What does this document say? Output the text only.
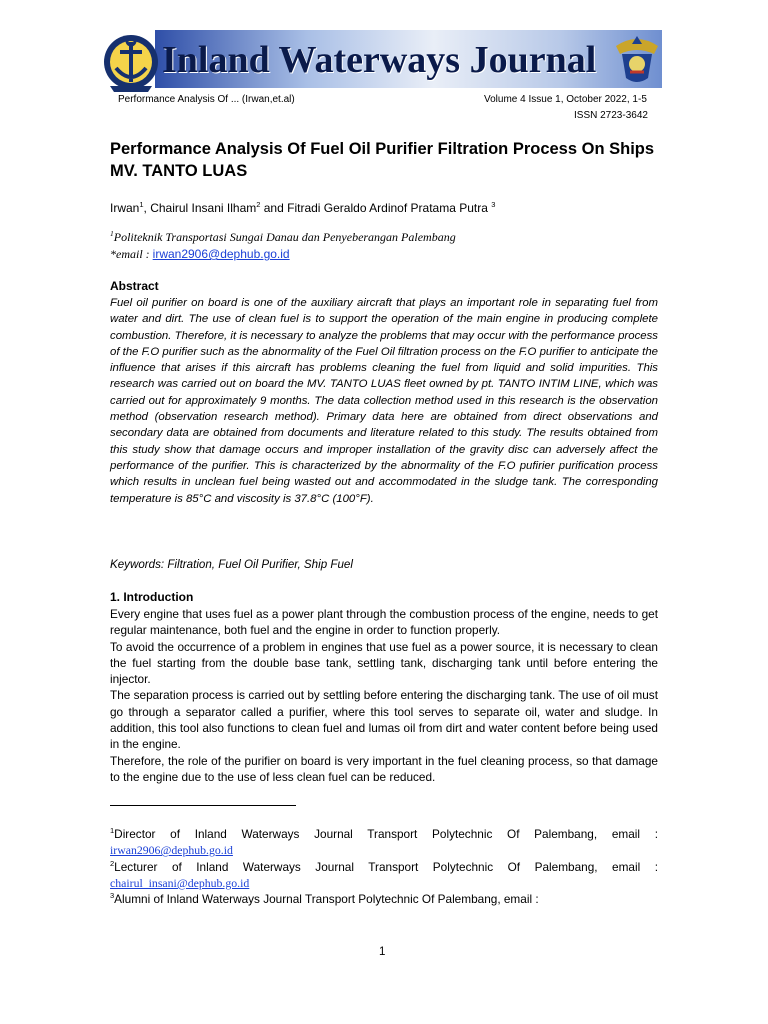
Inland Waterways Journal
Performance Analysis Of ... (Irwan,et.al)	Volume 4 Issue 1, October 2022, 1-5
ISSN 2723-3642
Performance Analysis Of Fuel Oil Purifier Filtration Process On Ships MV. TANTO LUAS
Irwan$^1$, Chairul Insani Ilham$^2$ and Fitradi Geraldo Ardinof Pratama Putra $^3$
$^1$Politeknik Transportasi Sungai Danau dan Penyeberangan Palembang
*email : irwan2906@dephub.go.id
Abstract
Fuel oil purifier on board is one of the auxiliary aircraft that plays an important role in separating fuel from water and dirt. The use of clean fuel is to support the operation of the main engine in producing complete combustion. Therefore, it is necessary to analyze the problems that may occur with the performance process of the F.O purifier such as the abnormality of the Fuel Oil filtration process on the F.O purifier to anticipate the influence that arises if this aircraft has problems cleaning the fuel from liquid and solid impurities. This research was carried out on board the MV. TANTO LUAS fleet owned by pt. TANTO INTIM LINE, which was carried out for approximately 9 months. The data collection method used in this research is the observation method (observation research method). Primary data here are obtained from direct observations and secondary data are obtained from documents and literature related to this study. The results obtained from this study show that damage occurs and improper installation of the gravity disc can adversely affect the performance of the purifier. This is characterized by the abnormality of the F.O pufirier purification process which results in unclean fuel being wasted out and accommodated in the sludge tank. The corresponding temperature is 85°C and viscosity is 37.8°C (100°F).
Keywords: Filtration, Fuel Oil Purifier, Ship Fuel
1. Introduction

Every engine that uses fuel as a power plant through the combustion process of the engine, needs to get regular maintenance, both fuel and the engine in order to function properly.

To avoid the occurrence of a problem in engines that use fuel as a power source, it is necessary to clean the fuel starting from the double base tank, settling tank, discharging tank until before entering the injector.

The separation process is carried out by settling before entering the discharging tank. The use of oil must go through a separator called a purifier, where this tool serves to separate oil, water and sludge. In addition, this tool also functions to clean fuel and lumas oil from dirt and water content before being used in the engine.

Therefore, the role of the purifier on board is very important in the fuel cleaning process, so that damage to the engine due to the use of less clean fuel can be reduced.

$^1$Director of Inland Waterways Journal Transport Polytechnic Of Palembang, email : irwan2906@dephub.go.id

$^2$Lecturer of Inland Waterways Journal Transport Polytechnic Of Palembang, email : chairul_insani@dephub.go.id

$^3$Alumni of Inland Waterways Journal Transport Polytechnic Of Palembang, email :

1
